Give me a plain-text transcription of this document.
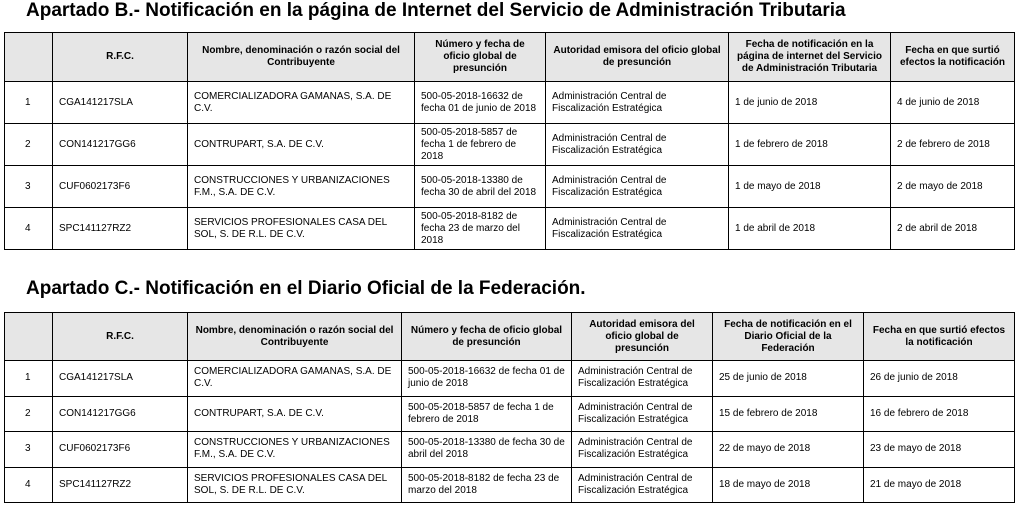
Apartado B.- Notificación en la página de Internet del Servicio de Administración Tributaria
	R.F.C.	Nombre, denominación o razón social del Contribuyente	Número y fecha de oficio global de presunción	Autoridad emisora del oficio global de presunción	Fecha de notificación en la página de internet del Servicio de Administración Tributaria	Fecha en que surtió efectos la notificación
1	CGA141217SLA	COMERCIALIZADORA GAMANAS, S.A. DE C.V.	500-05-2018-16632 de fecha 01 de junio de 2018	Administración Central de Fiscalización Estratégica	1 de junio de 2018	4 de junio de 2018
2	CON141217GG6	CONTRUPART, S.A. DE C.V.	500-05-2018-5857 de fecha 1 de febrero de 2018	Administración Central de Fiscalización Estratégica	1 de febrero de 2018	2 de febrero de 2018
3	CUF0602173F6	CONSTRUCCIONES Y URBANIZACIONES F.M., S.A. DE C.V.	500-05-2018-13380 de fecha 30 de abril del 2018	Administración Central de Fiscalización Estratégica	1 de mayo de 2018	2 de mayo de 2018
4	SPC141127RZ2	SERVICIOS PROFESIONALES CASA DEL SOL, S. DE R.L. DE C.V.	500-05-2018-8182 de fecha 23 de marzo del 2018	Administración Central de Fiscalización Estratégica	1 de abril de 2018	2 de abril de 2018
Apartado C.- Notificación en el Diario Oficial de la Federación.
	R.F.C.	Nombre, denominación o razón social del Contribuyente	Número y fecha de oficio global de presunción	Autoridad emisora del oficio global de presunción	Fecha de notificación en el Diario Oficial de la Federación	Fecha en que surtió efectos la notificación
1	CGA141217SLA	COMERCIALIZADORA GAMANAS, S.A. DE C.V.	500-05-2018-16632 de fecha 01 de junio de 2018	Administración Central de Fiscalización Estratégica	25 de junio de 2018	26 de junio de 2018
2	CON141217GG6	CONTRUPART, S.A. DE C.V.	500-05-2018-5857 de fecha 1 de febrero de 2018	Administración Central de Fiscalización Estratégica	15 de febrero de 2018	16 de febrero de 2018
3	CUF0602173F6	CONSTRUCCIONES Y URBANIZACIONES F.M., S.A. DE C.V.	500-05-2018-13380 de fecha 30 de abril del 2018	Administración Central de Fiscalización Estratégica	22 de mayo de 2018	23 de mayo de 2018
4	SPC141127RZ2	SERVICIOS PROFESIONALES CASA DEL SOL, S. DE R.L. DE C.V.	500-05-2018-8182 de fecha 23 de marzo del 2018	Administración Central de Fiscalización Estratégica	18 de mayo de 2018	21 de mayo de 2018
